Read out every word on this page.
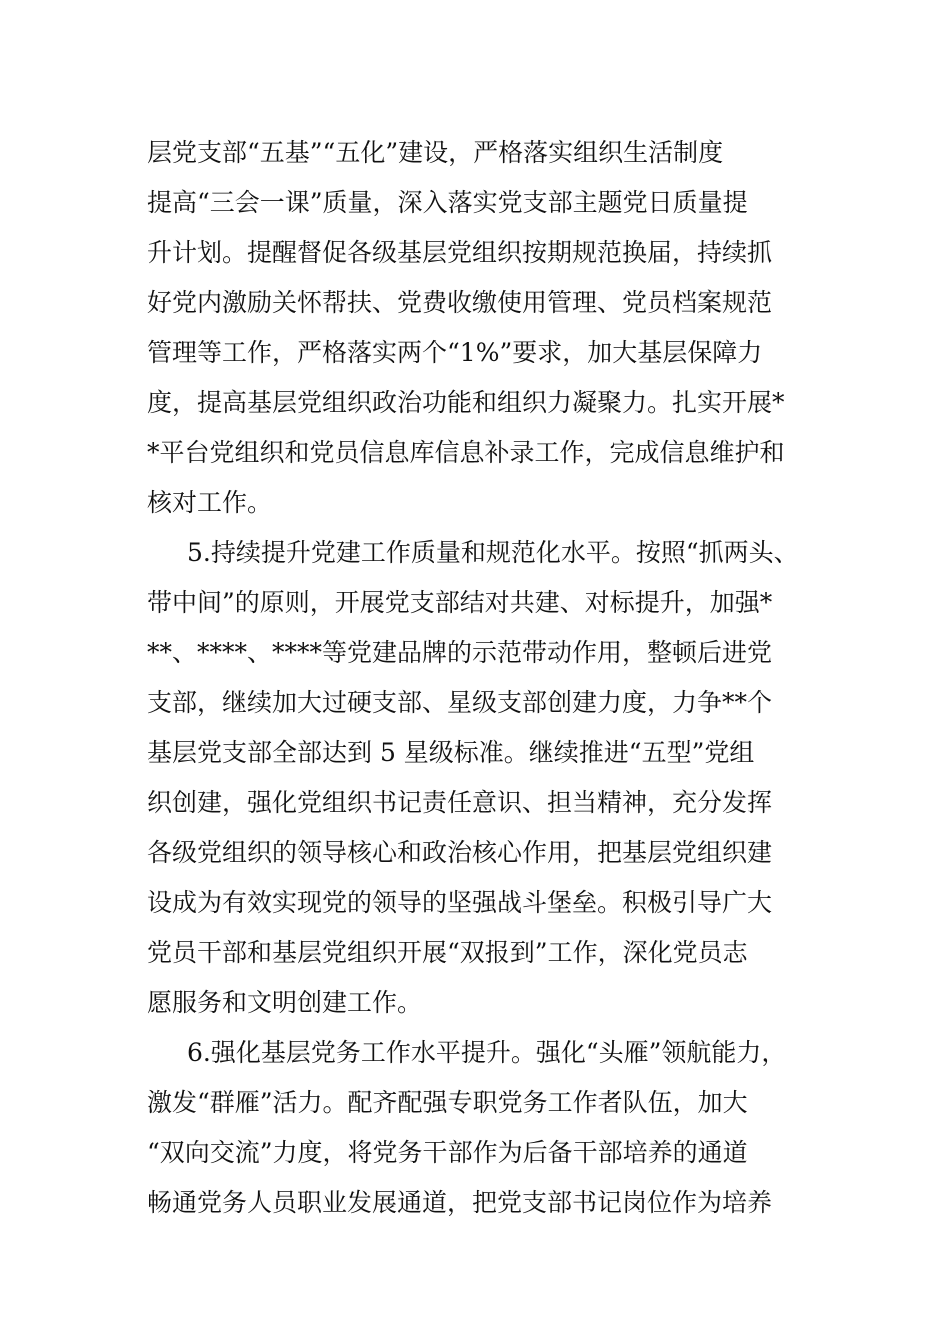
层党支部“五基”“五化”建设，严格落实组织生活制度

提高“三会一课”质量，深入落实党支部主题党日质量提

升计划。提醒督促各级基层党组织按期规范换届，持续抓

好党内激励关怀帮扶、党费收缴使用管理、党员档案规范

管理等工作，严格落实两个“1%”要求，加大基层保障力

度，提高基层党组织政治功能和组织力凝聚力。扎实开展*

*平台党组织和党员信息库信息补录工作，完成信息维护和

核对工作。

5.持续提升党建工作质量和规范化水平。按照“抓两头、

带中间”的原则，开展党支部结对共建、对标提升，加强*

**、****、****等党建品牌的示范带动作用，整顿后进党

支部，继续加大过硬支部、星级支部创建力度，力争**个

基层党支部全部达到 5 星级标准。继续推进“五型”党组

织创建，强化党组织书记责任意识、担当精神，充分发挥

各级党组织的领导核心和政治核心作用，把基层党组织建

设成为有效实现党的领导的坚强战斗堡垒。积极引导广大

党员干部和基层党组织开展“双报到”工作，深化党员志

愿服务和文明创建工作。

6.强化基层党务工作水平提升。强化“头雁”领航能力，

激发“群雁”活力。配齐配强专职党务工作者队伍，加大

“双向交流”力度，将党务干部作为后备干部培养的通道

畅通党务人员职业发展通道，把党支部书记岗位作为培养
